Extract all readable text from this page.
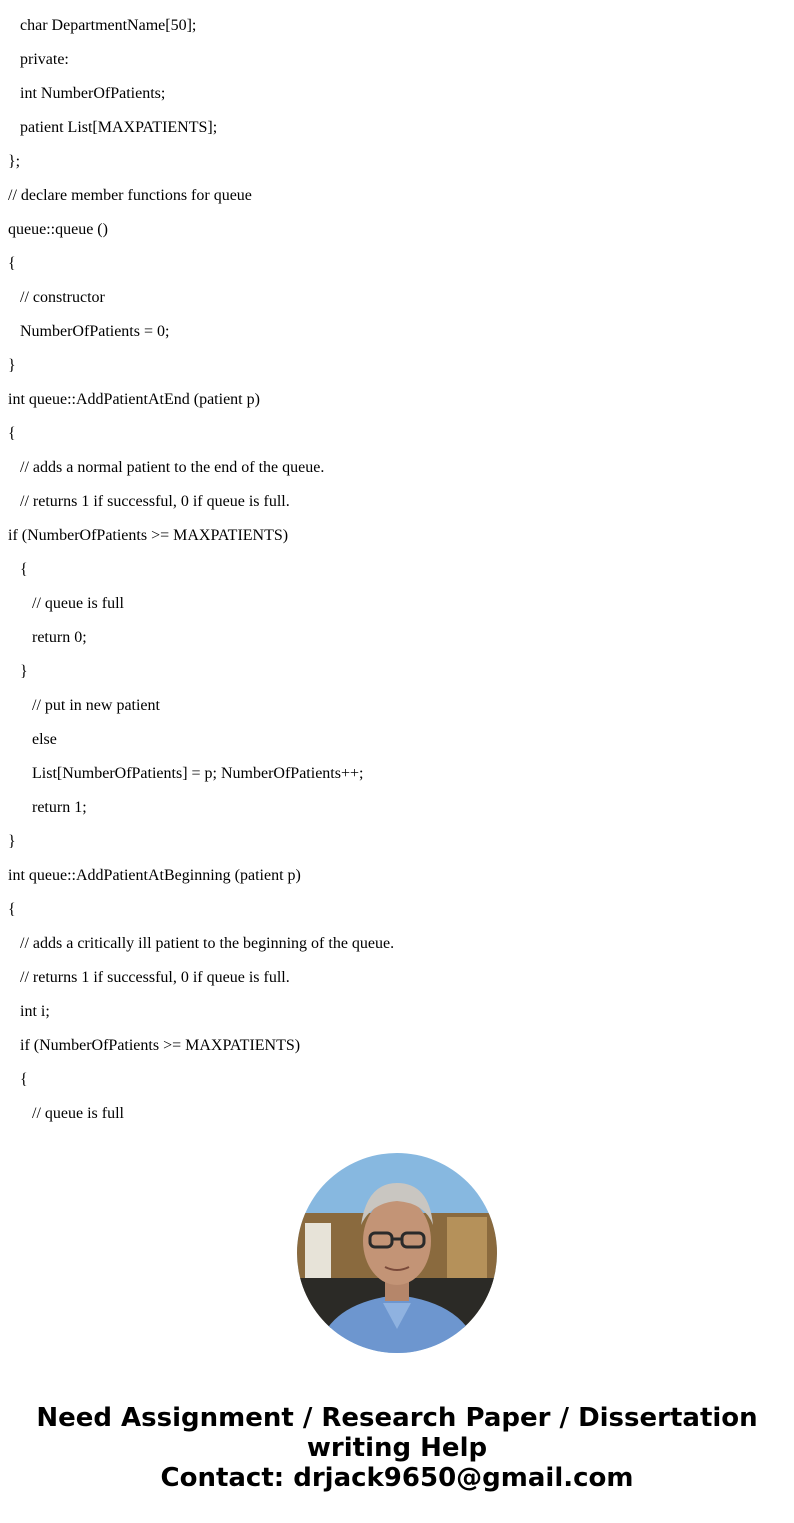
char DepartmentName[50];
private:
int NumberOfPatients;
patient List[MAXPATIENTS];
};
// declare member functions for queue
queue::queue ()
{
// constructor
NumberOfPatients = 0;
}
int queue::AddPatientAtEnd (patient p)
{
// adds a normal patient to the end of the queue.
// returns 1 if successful, 0 if queue is full.
if (NumberOfPatients >= MAXPATIENTS)
{
// queue is full
return 0;
}
// put in new patient
else
List[NumberOfPatients] = p; NumberOfPatients++;
return 1;
}
int queue::AddPatientAtBeginning (patient p)
{
// adds a critically ill patient to the beginning of the queue.
// returns 1 if successful, 0 if queue is full.
int i;
if (NumberOfPatients >= MAXPATIENTS)
{
// queue is full
Need Assignment / Research Paper / Dissertation
writing Help
Contact: drjack9650@gmail.com
